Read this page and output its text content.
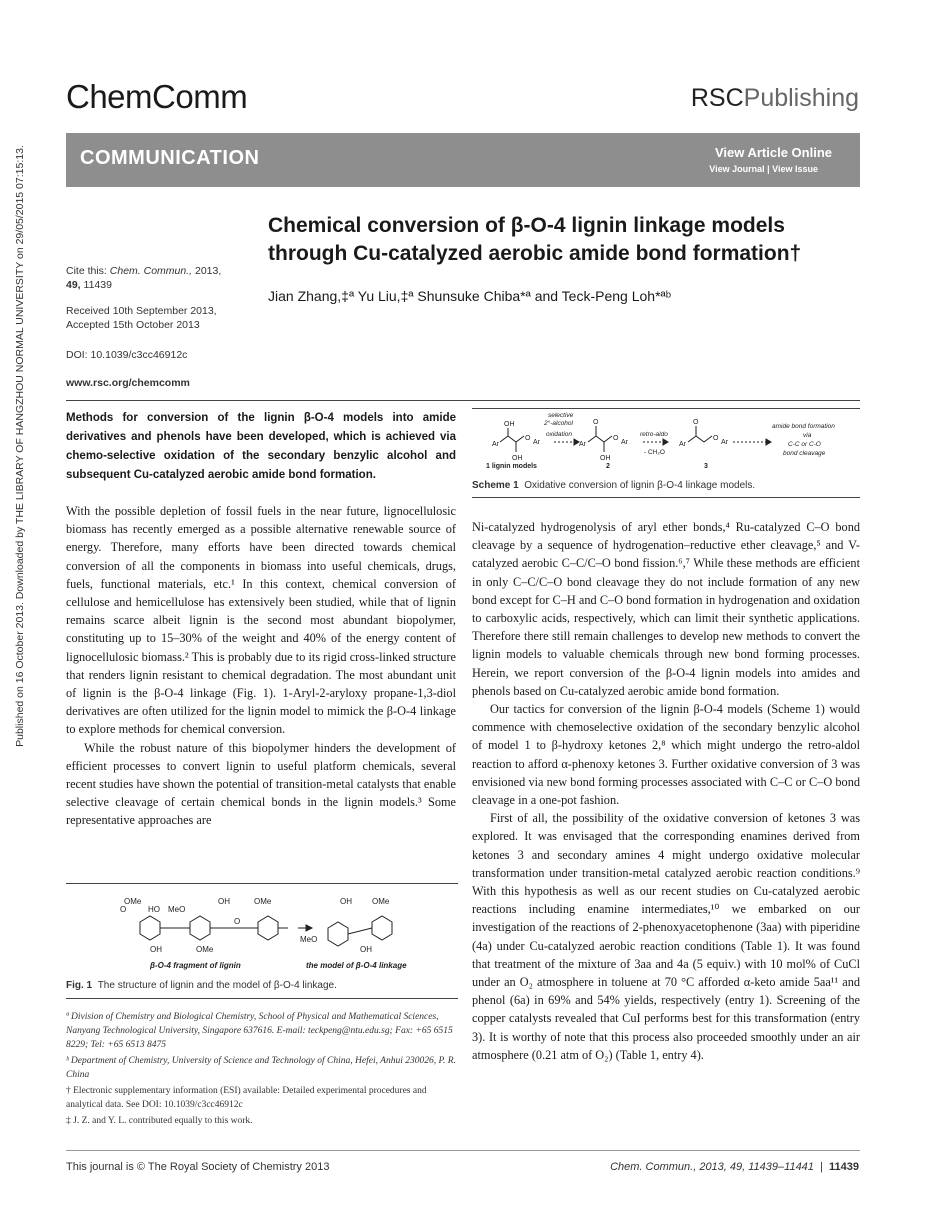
Published on 16 October 2013. Downloaded by THE LIBRARY OF HANGZHOU NORMAL UNIVERSITY on 29/05/2015 07:15:13.
ChemComm	RSCPublishing
COMMUNICATION	View Article Online
View Journal | View Issue
Chemical conversion of β-O-4 lignin linkage models
through Cu-catalyzed aerobic amide bond formation†
Jian Zhang,‡ª Yu Liu,‡ª Shunsuke Chiba*ª and Teck-Peng Loh*ªᵇ
Cite this: Chem. Commun., 2013,
49, 11439
Received 10th September 2013,
Accepted 15th October 2013
DOI: 10.1039/c3cc46912c
www.rsc.org/chemcomm
Methods for conversion of the lignin β-O-4 models into amide derivatives and phenols have been developed, which is achieved via chemo-selective oxidation of the secondary benzylic alcohol and subsequent Cu-catalyzed aerobic amide bond formation.

With the possible depletion of fossil fuels in the near future, lignocellulosic biomass has recently emerged as a possible alternative renewable source of energy. Therefore, many efforts have been directed towards chemical conversion of all the components in biomass into useful chemicals, drugs, fuels, functional materials, etc.¹ In this context, chemical conversion of cellulose and hemicellulose has extensively been studied, while that of lignin remains scarce albeit lignin is the second most abundant biopolymer, constituting up to 15–30% of the weight and 40% of the energy content of lignocellulosic biomass.² This is probably due to its rigid cross-linked structure that renders lignin resistant to chemical degradation. The most abundant unit of lignin is the β-O-4 linkage (Fig. 1). 1-Aryl-2-aryloxy propane-1,3-diol derivatives are often utilized for the lignin model to mimick the β-O-4 linkage to explore methods for chemical conversion.

While the robust nature of this biopolymer hinders the development of efficient processes to convert lignin to useful platform chemicals, several recent studies have shown the potential of transition-metal catalysts that enable selective cleavage of certain chemical bonds in the lignin models.³ Some representative approaches are

OMe
O	HO MeO
OH
O
OMe
OH	OMe
OH	OMe
MeO
OH
β-O-4 fragment of lignin	the model of β-O-4 linkage
Fig. 1 The structure of lignin and the model of β-O-4 linkage.

ª Division of Chemistry and Biological Chemistry, School of Physical and Mathematical Sciences, Nanyang Technological University, Singapore 637616. E-mail: teckpeng@ntu.edu.sg; Fax: +65 6515 8229; Tel: +65 6513 8475

ᵇ Department of Chemistry, University of Science and Technology of China, Hefei, Anhui 230026, P. R. China

† Electronic supplementary information (ESI) available: Detailed experimental procedures and analytical data. See DOI: 10.1039/c3cc46912c

‡ J. Z. and Y. L. contributed equally to this work.

Ar
OH
OH
O
Ar
selective
2°-alcohol
oxidation
Ar
O
OH
O
Ar
retro-aldo
- CH₂O
Ar
O
O
Ar
amide bond formation
via
C-C or C-O
bond cleavage
1 lignin models	2	3
Scheme 1 Oxidative conversion of lignin β-O-4 linkage models.

Ni-catalyzed hydrogenolysis of aryl ether bonds,⁴ Ru-catalyzed C–O bond cleavage by a sequence of hydrogenation–reductive ether cleavage,⁵ and V-catalyzed aerobic C–C/C–O bond fission.⁶,⁷ While these methods are efficient in only C–C/C–O bond cleavage they do not include formation of any new bond except for C–H and C–O bond formation in hydrogenation and oxidation to carboxylic acids, respectively, which can limit their synthetic applications. Therefore there still remain challenges to develop new methods to convert the lignin models to valuable chemicals through new bond forming processes. Herein, we report conversion of the β-O-4 lignin models into amides and phenols based on Cu-catalyzed aerobic amide bond formation.

Our tactics for conversion of the lignin β-O-4 models (Scheme 1) would commence with chemoselective oxidation of the secondary benzylic alcohol of model 1 to β-hydroxy ketones 2,⁸ which might undergo the retro-aldol reaction to afford α-phenoxy ketones 3. Further oxidative conversion of 3 was envisioned via new bond forming processes associated with C–C or C–O bond cleavage in a one-pot fashion.

First of all, the possibility of the oxidative conversion of ketones 3 was explored. It was envisaged that the corresponding enamines derived from ketones 3 and secondary amines 4 might undergo oxidative molecular transformation under transition-metal catalyzed aerobic reaction conditions.⁹ With this hypothesis as well as our recent studies on Cu-catalyzed aerobic reactions including enamine intermediates,¹⁰ we embarked on our investigation of the reactions of 2-phenoxyacetophenone (3aa) with piperidine (4a) under Cu-catalyzed aerobic reaction conditions (Table 1). It was found that treatment of the mixture of 3aa and 4a (5 equiv.) with 10 mol% of CuCl under an O₂ atmosphere in toluene at 70 °C afforded α-keto amide 5aa¹¹ and phenol (6a) in 69% and 54% yields, respectively (entry 1). Screening of the copper catalysts revealed that CuI performs best for this transformation (entry 3). It is worthy of note that this process also proceeded smoothly under an air atmosphere (0.21 atm of O₂) (Table 1, entry 4).

This journal is © The Royal Society of Chemistry 2013	Chem. Commun., 2013, 49, 11439–11441  |  11439
